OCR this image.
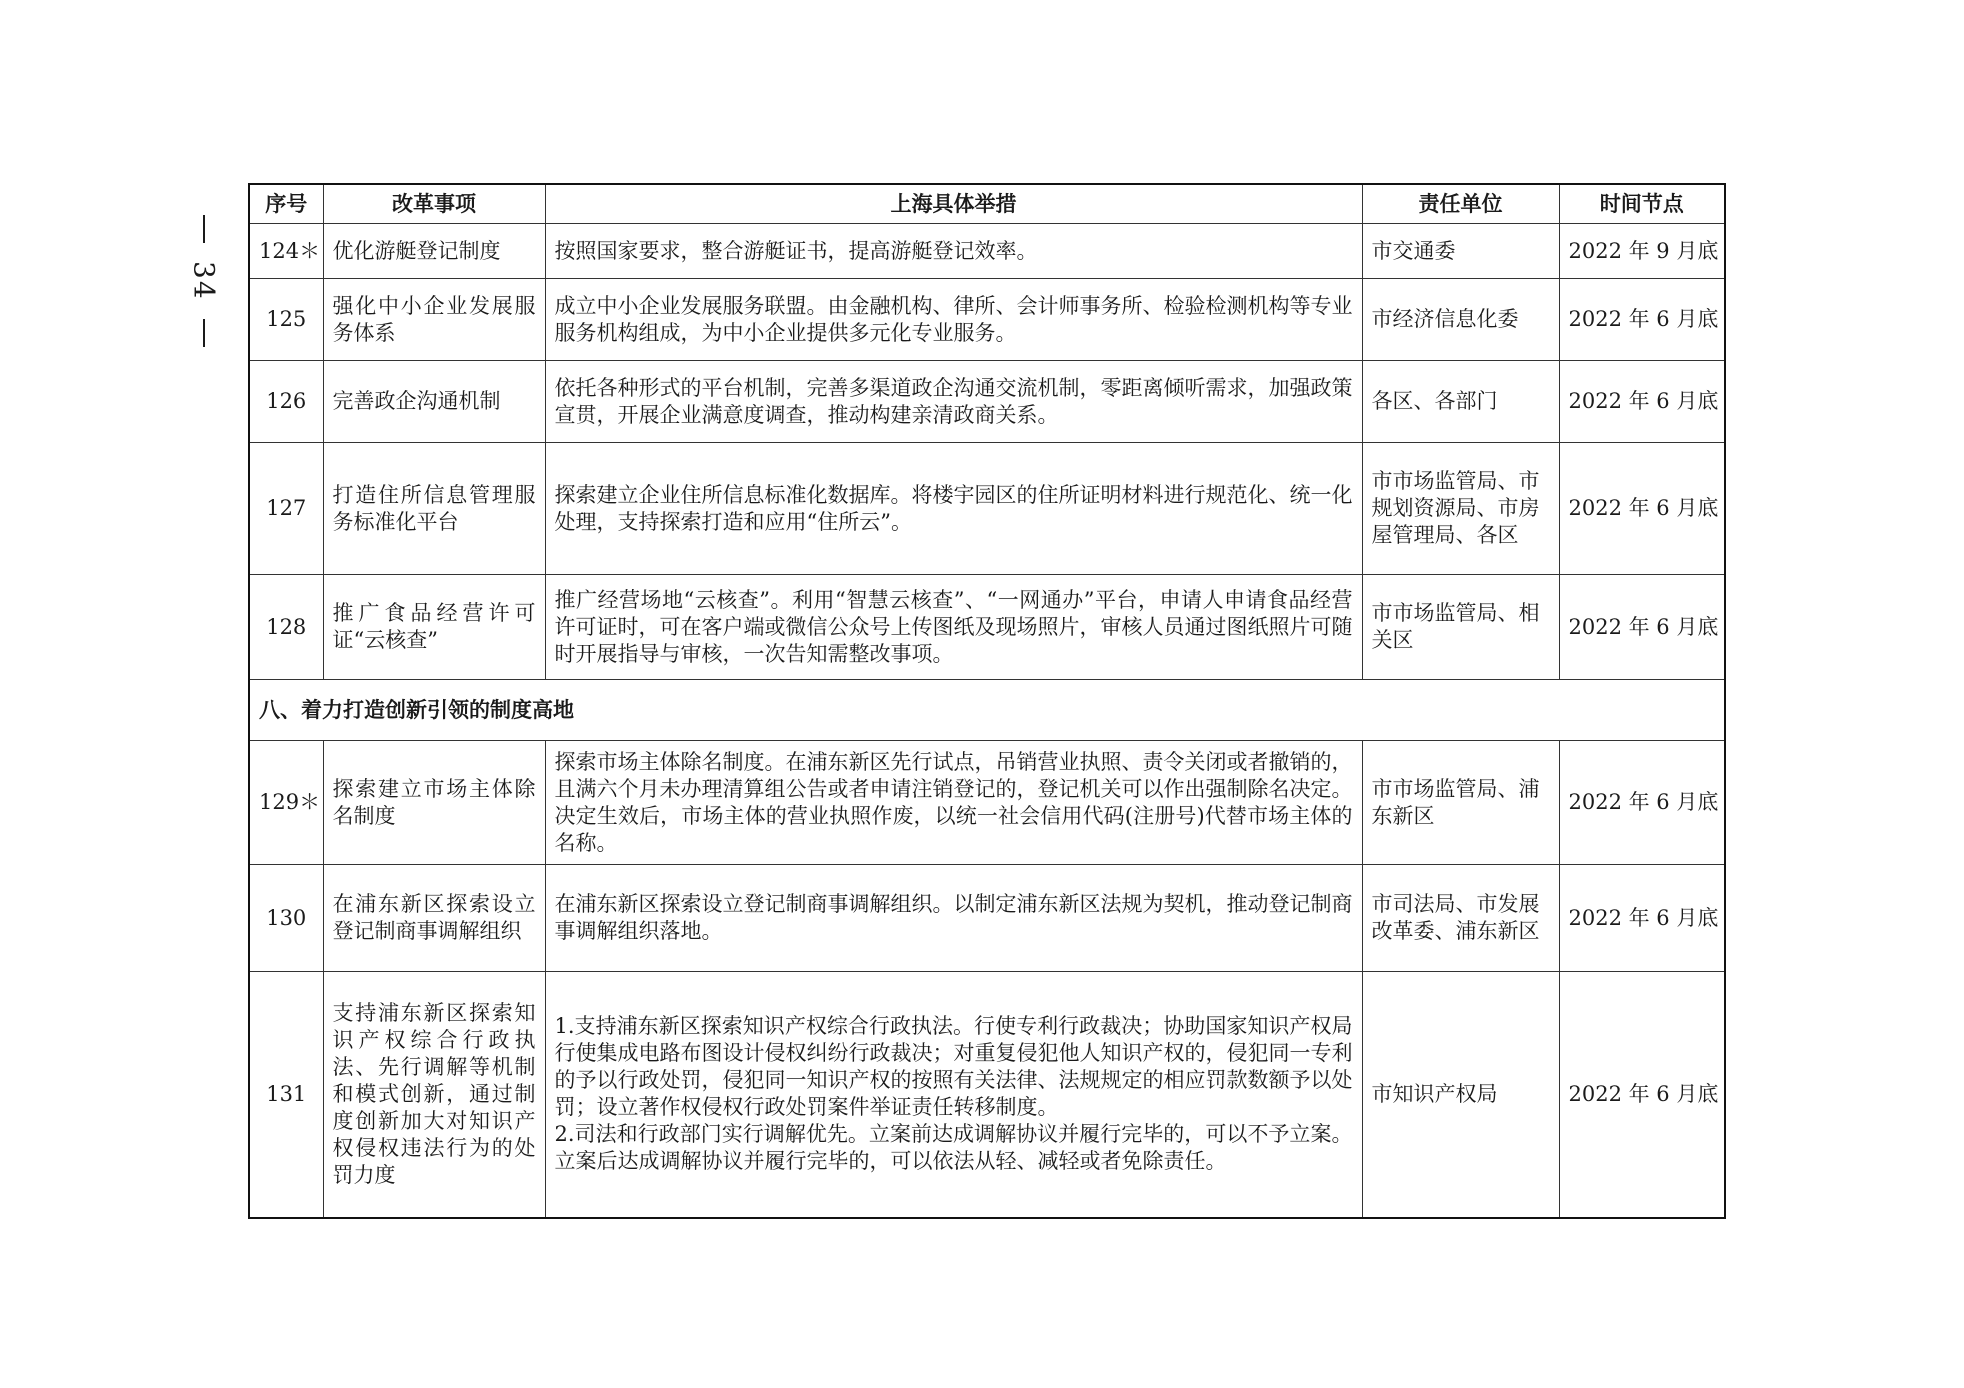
34
序号	改革事项	上海具体举措	责任单位	时间节点
124＊	优化游艇登记制度	按照国家要求，整合游艇证书，提高游艇登记效率。	市交通委	2022 年 9 月底
125	强化中小企业发展服务体系	成立中小企业发展服务联盟。由金融机构、律所、会计师事务所、检验检测机构等专业服务机构组成，为中小企业提供多元化专业服务。	市经济信息化委	2022 年 6 月底
126	完善政企沟通机制	依托各种形式的平台机制，完善多渠道政企沟通交流机制，零距离倾听需求，加强政策宣贯，开展企业满意度调查，推动构建亲清政商关系。	各区、各部门	2022 年 6 月底
127	打造住所信息管理服务标准化平台	探索建立企业住所信息标准化数据库。将楼宇园区的住所证明材料进行规范化、统一化处理，支持探索打造和应用“住所云”。	市市场监管局、市规划资源局、市房屋管理局、各区	2022 年 6 月底
128	推广食品经营许可证“云核查”	推广经营场地“云核查”。利用“智慧云核查”、“一网通办”平台，申请人申请食品经营许可证时，可在客户端或微信公众号上传图纸及现场照片，审核人员通过图纸照片可随时开展指导与审核，一次告知需整改事项。	市市场监管局、相关区	2022 年 6 月底
八、着力打造创新引领的制度高地				
129＊	探索建立市场主体除名制度	探索市场主体除名制度。在浦东新区先行试点，吊销营业执照、责令关闭或者撤销的，且满六个月未办理清算组公告或者申请注销登记的，登记机关可以作出强制除名决定。决定生效后，市场主体的营业执照作废，以统一社会信用代码(注册号)代替市场主体的名称。	市市场监管局、浦东新区	2022 年 6 月底
130	在浦东新区探索设立登记制商事调解组织	在浦东新区探索设立登记制商事调解组织。以制定浦东新区法规为契机，推动登记制商事调解组织落地。	市司法局、市发展改革委、浦东新区	2022 年 6 月底
131	支持浦东新区探索知识产权综合行政执法、先行调解等机制和模式创新，通过制度创新加大对知识产权侵权违法行为的处罚力度	1.支持浦东新区探索知识产权综合行政执法。行使专利行政裁决；协助国家知识产权局行使集成电路布图设计侵权纠纷行政裁决；对重复侵犯他人知识产权的，侵犯同一专利的予以行政处罚，侵犯同一知识产权的按照有关法律、法规规定的相应罚款数额予以处罚；设立著作权侵权行政处罚案件举证责任转移制度。
2.司法和行政部门实行调解优先。立案前达成调解协议并履行完毕的，可以不予立案。立案后达成调解协议并履行完毕的，可以依法从轻、减轻或者免除责任。	市知识产权局	2022 年 6 月底
